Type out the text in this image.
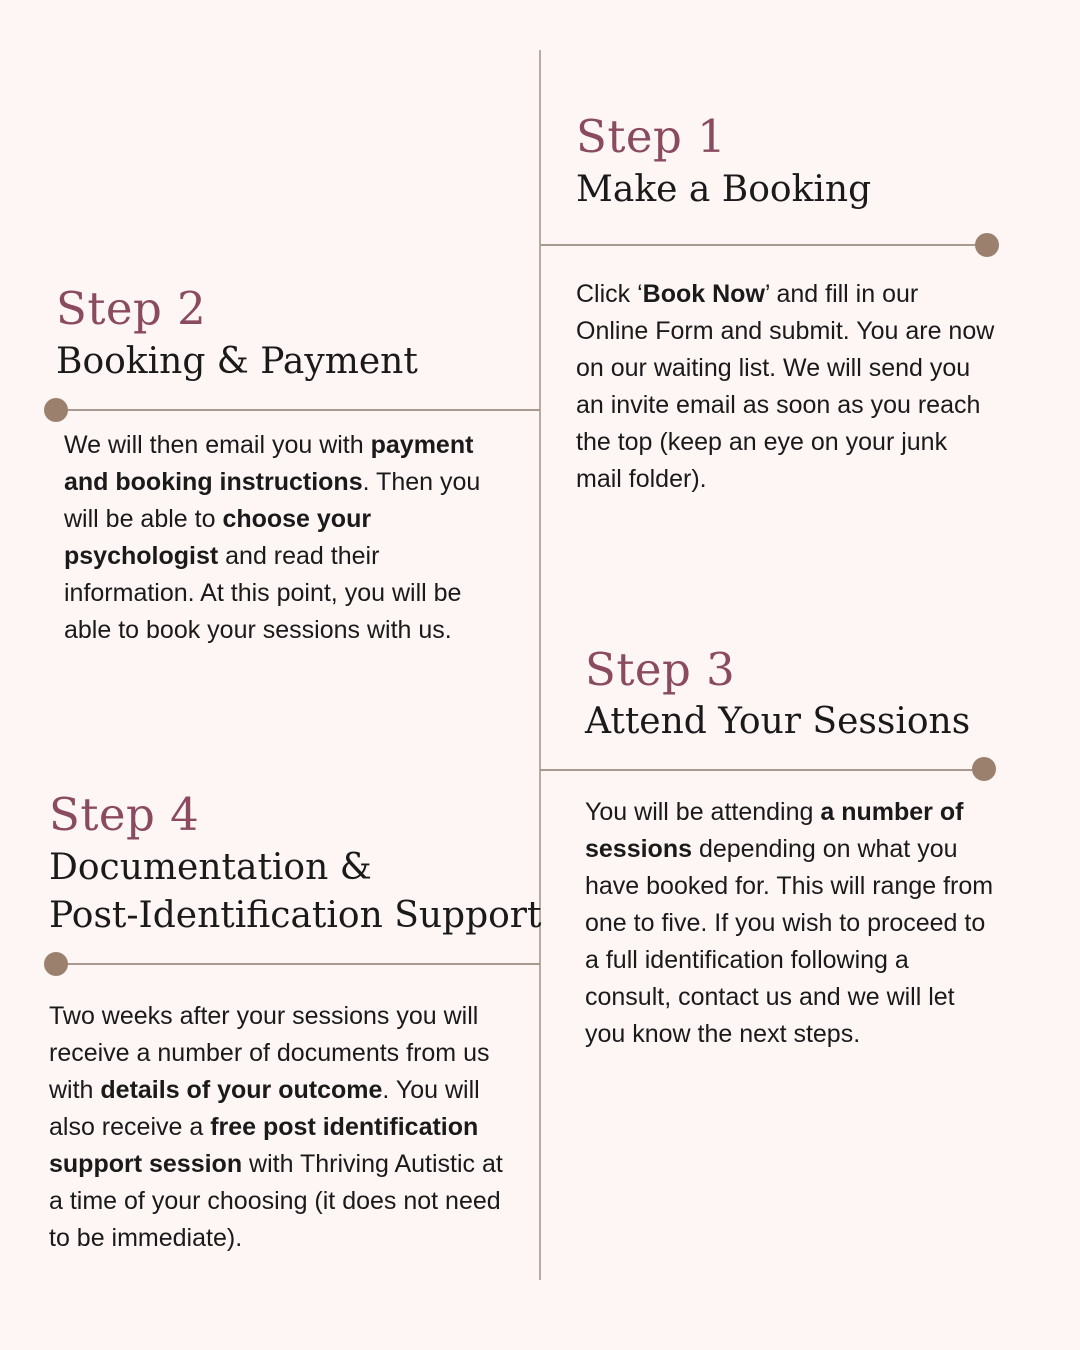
Step 1
Make a Booking
Click ‘Book Now’ and fill in our Online Form and submit. You are now on our waiting list. We will send you an invite email as soon as you reach the top (keep an eye on your junk mail folder).
Step 2
Booking & Payment
We will then email you with payment and booking instructions. Then you will be able to choose your psychologist and read their information. At this point, you will be able to book your sessions with us.
Step 3
Attend Your Sessions
You will be attending a number of sessions depending on what you have booked for. This will range from one to five. If you wish to proceed to a full identification following a consult, contact us and we will let you know the next steps.
Step 4
Documentation &
Post-Identification Support
Two weeks after your sessions you will receive a number of documents from us with details of your outcome. You will also receive a free post identification support session with Thriving Autistic at a time of your choosing (it does not need to be immediate).
